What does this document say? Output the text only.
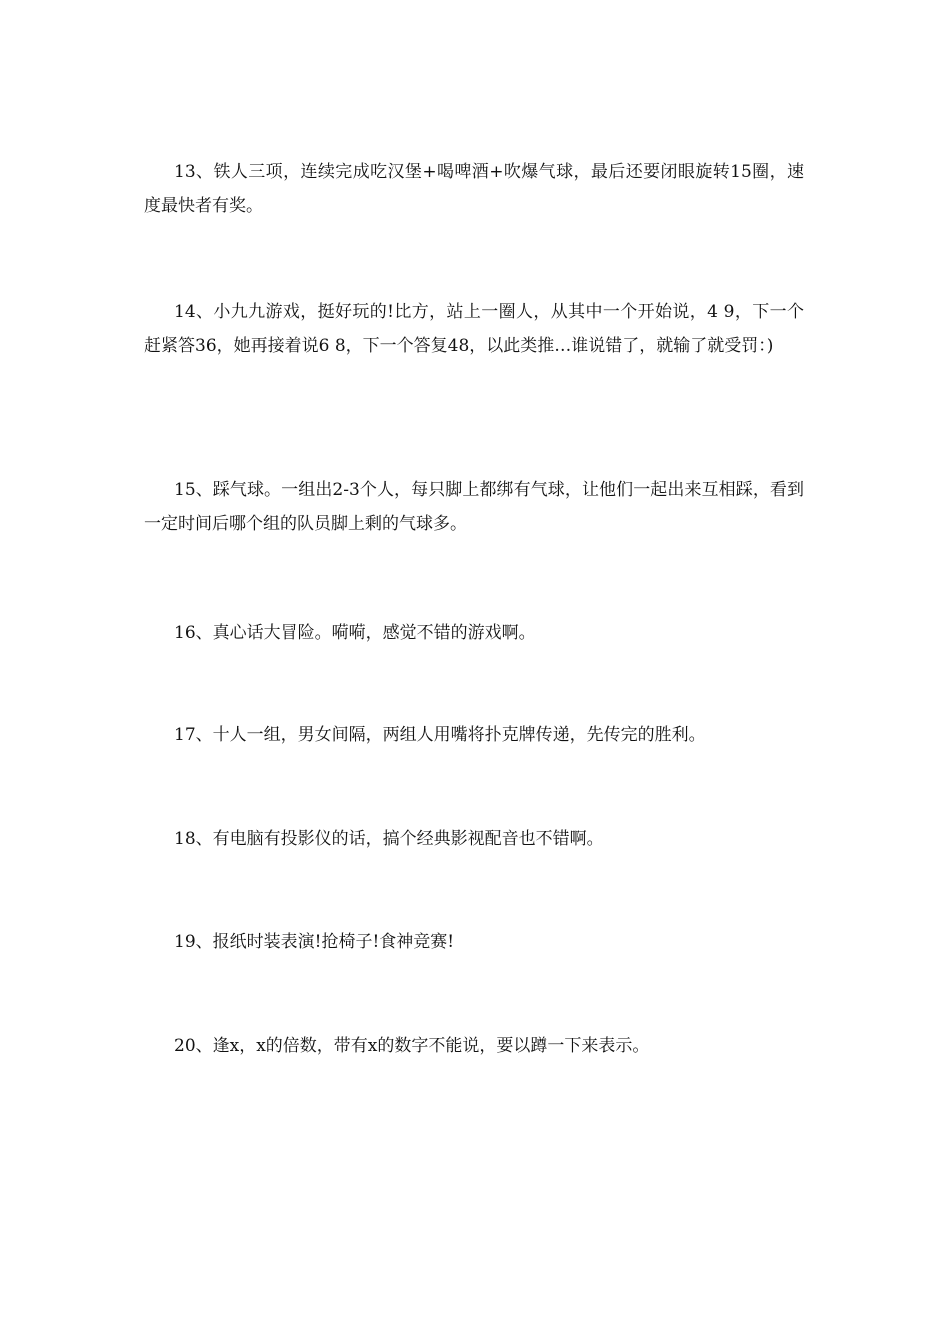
13、铁人三项，连续完成吃汉堡+喝啤酒+吹爆气球，最后还要闭眼旋转15圈，速度最快者有奖。

14、小九九游戏，挺好玩的!比方，站上一圈人，从其中一个开始说，4 9，下一个赶紧答36，她再接着说6 8，下一个答复48，以此类推…谁说错了，就输了就受罚：)

15、踩气球。一组出2-3个人，每只脚上都绑有气球，让他们一起出来互相踩，看到一定时间后哪个组的队员脚上剩的气球多。

16、真心话大冒险。嗬嗬，感觉不错的游戏啊。

17、十人一组，男女间隔，两组人用嘴将扑克牌传递，先传完的胜利。

18、有电脑有投影仪的话，搞个经典影视配音也不错啊。

19、报纸时装表演!抢椅子!食神竞赛!

20、逢x，x的倍数，带有x的数字不能说，要以蹲一下来表示。
